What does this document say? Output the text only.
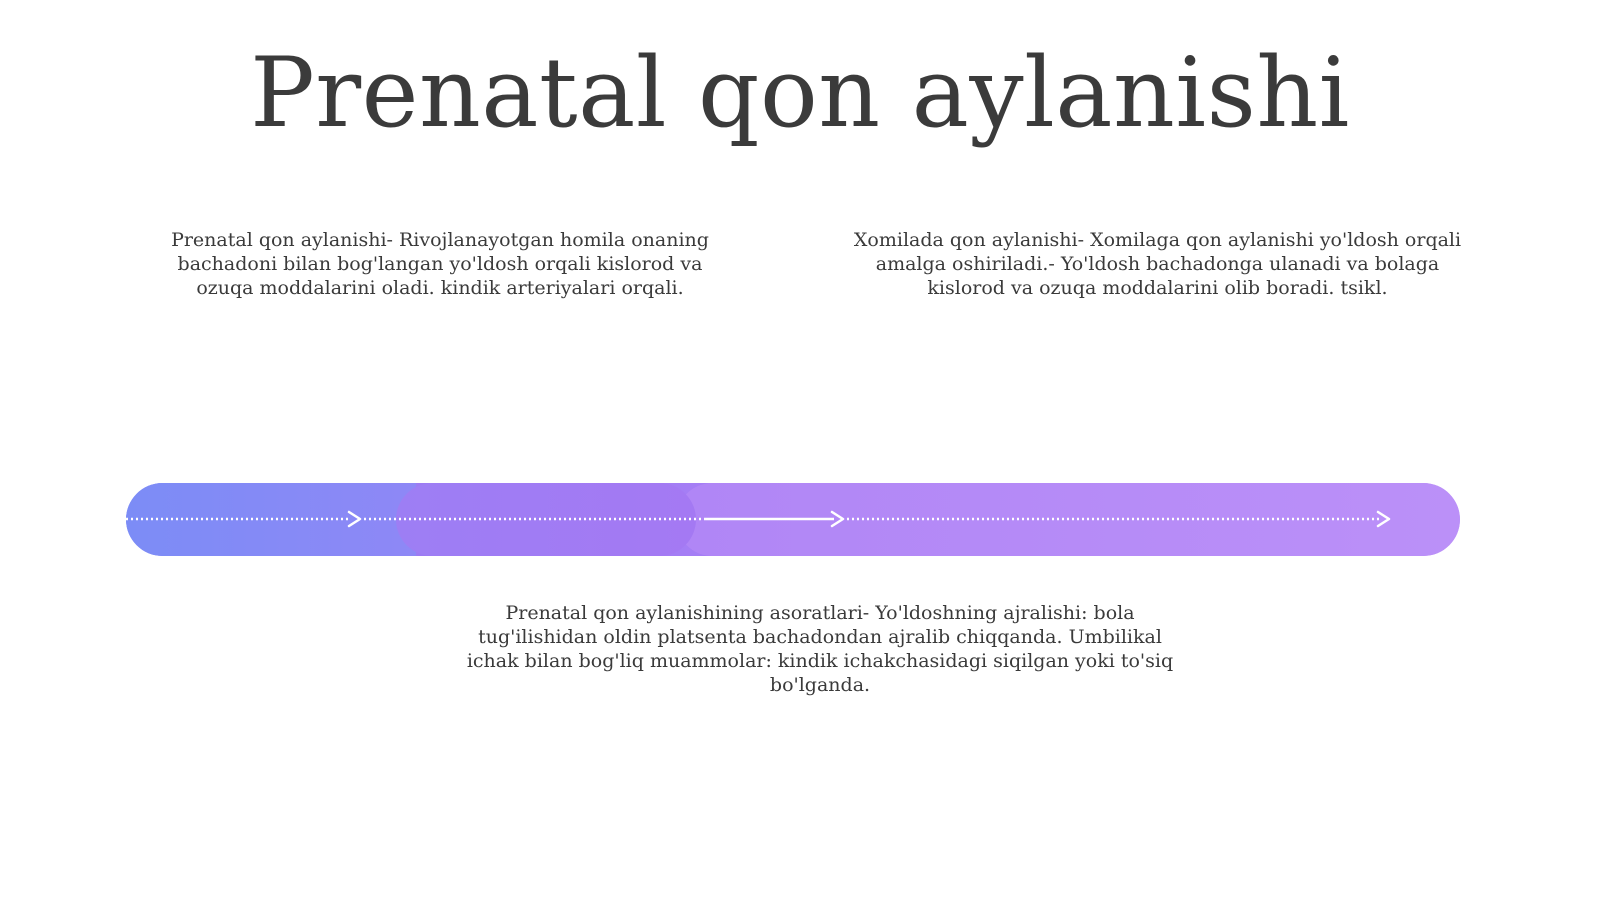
Prenatal qon aylanishi
Prenatal qon aylanishi- Rivojlanayotgan homila onaning bachadoni bilan bog'langan yo'ldosh orqali kislorod va ozuqa moddalarini oladi. kindik arteriyalari orqali.
Xomilada qon aylanishi- Xomilaga qon aylanishi yo'ldosh orqali amalga oshiriladi.- Yo'ldosh bachadonga ulanadi va bolaga kislorod va ozuqa moddalarini olib boradi. tsikl.
Prenatal qon aylanishining asoratlari- Yo'ldoshning ajralishi: bola tug'ilishidan oldin platsenta bachadondan ajralib chiqqanda. Umbilikal ichak bilan bog'liq muammolar: kindik ichakchasidagi siqilgan yoki to'siq bo'lganda.
